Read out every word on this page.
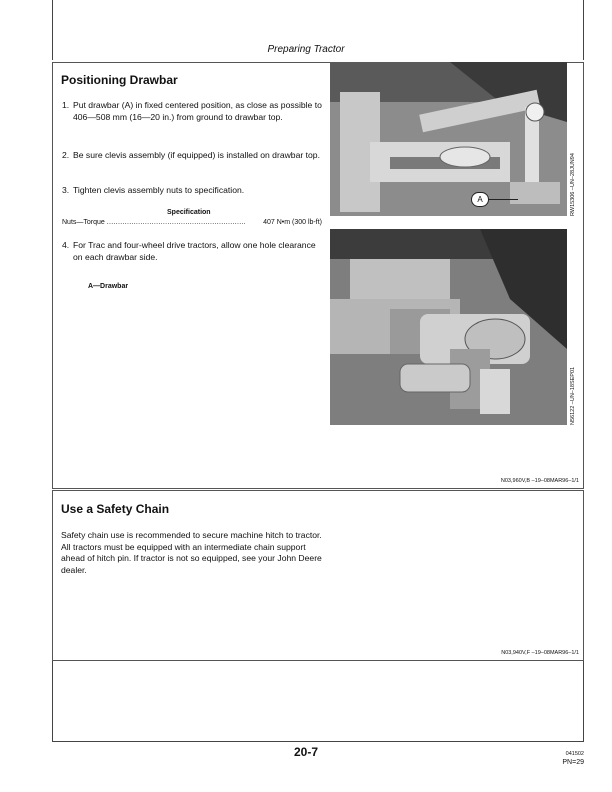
Preparing Tractor
Positioning Drawbar
1. Put drawbar (A) in fixed centered position, as close as possible to 406—508 mm (16—20 in.) from ground to drawbar top.
2. Be sure clevis assembly (if equipped) is installed on drawbar top.
3. Tighten clevis assembly nuts to specification.
Specification
Nuts—Torque .............................................................. 407 N•m (300 lb-ft)
4. For Trac and four-wheel drive tractors, allow one hole clearance on each drawbar side.
A—Drawbar
A	RW15306 –UN–28JUN94
N56122 –UN–18SEP01
N03,960V,B –19–08MAR96–1/1
Use a Safety Chain
Safety chain use is recommended to secure machine hitch to tractor. All tractors must be equipped with an intermediate chain support ahead of hitch pin. If tractor is not so equipped, see your John Deere dealer.
N03,940V,F –19–08MAR96–1/1
20-7	041502
PN=29
